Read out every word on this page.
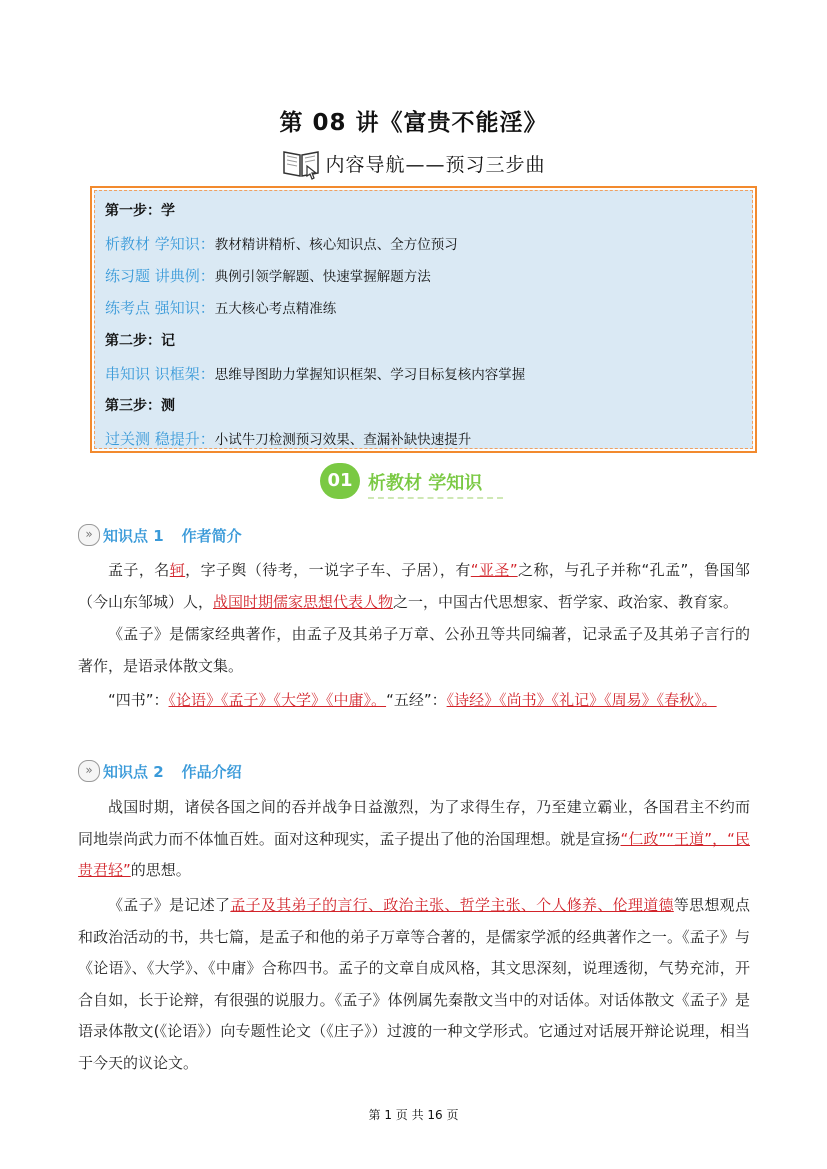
第 08 讲《富贵不能淫》
内容导航——预习三步曲
第一步：学
析教材 学知识：教材精讲精析、核心知识点、全方位预习
练习题 讲典例：典例引领学解题、快速掌握解题方法
练考点 强知识：五大核心考点精准练
第二步：记
串知识 识框架：思维导图助力掌握知识框架、学习目标复核内容掌握
第三步：测
过关测 稳提升：小试牛刀检测预习效果、查漏补缺快速提升
01 析教材 学知识
» 知识点 1 作者简介
孟子，名轲，字子舆（待考，一说字子车、子居），有“亚圣”之称，与孔子并称“孔孟”，鲁国邹（今山东邹城）人，战国时期儒家思想代表人物之一，中国古代思想家、哲学家、政治家、教育家。
《孟子》是儒家经典著作，由孟子及其弟子万章、公孙丑等共同编著，记录孟子及其弟子言行的著作，是语录体散文集。
“四书”：《论语》《孟子》《大学》《中庸》。“五经”：《诗经》《尚书》《礼记》《周易》《春秋》。
» 知识点 2 作品介绍
战国时期，诸侯各国之间的吞并战争日益激烈，为了求得生存，乃至建立霸业，各国君主不约而同地崇尚武力而不体恤百姓。面对这种现实，孟子提出了他的治国理想。就是宣扬“仁政”“王道”，“民贵君轻”的思想。
《孟子》是记述了孟子及其弟子的言行、政治主张、哲学主张、个人修养、伦理道德等思想观点和政治活动的书，共七篇，是孟子和他的弟子万章等合著的，是儒家学派的经典著作之一。《孟子》与《论语》、《大学》、《中庸》合称四书。孟子的文章自成风格，其文思深刻，说理透彻，气势充沛，开合自如，长于论辩，有很强的说服力。《孟子》体例属先秦散文当中的对话体。对话体散文《孟子》是语录体散文(《论语》）向专题性论文（《庄子》）过渡的一种文学形式。它通过对话展开辩论说理，相当于今天的议论文。
第 1 页 共 16 页
